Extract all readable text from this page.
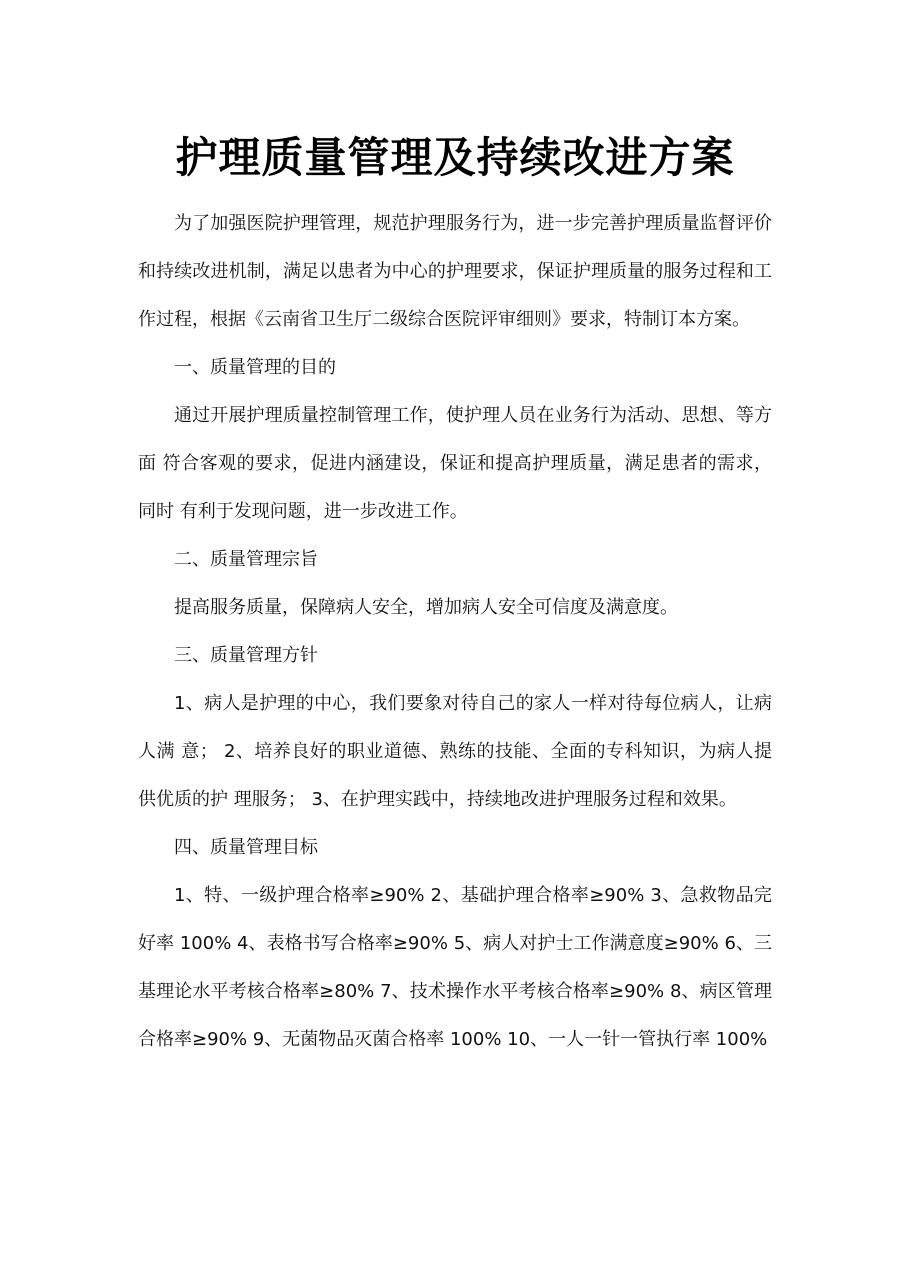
护理质量管理及持续改进方案

为了加强医院护理管理，规范护理服务行为，进一步完善护理质量监督评价 和持续改进机制，满足以患者为中心的护理要求，保证护理质量的服务过程和工 作过程，根据《云南省卫生厅二级综合医院评审细则》要求，特制订本方案。

一、质量管理的目的

通过开展护理质量控制管理工作，使护理人员在业务行为活动、思想、等方面 符合客观的要求，促进内涵建设，保证和提高护理质量，满足患者的需求，同时 有利于发现问题，进一步改进工作。

二、质量管理宗旨

提高服务质量，保障病人安全，增加病人安全可信度及满意度。

三、质量管理方针

1、病人是护理的中心，我们要象对待自己的家人一样对待每位病人，让病人满 意； 2、培养良好的职业道德、熟练的技能、全面的专科知识，为病人提供优质的护 理服务； 3、在护理实践中，持续地改进护理服务过程和效果。

四、质量管理目标

1、特、一级护理合格率≥90% 2、基础护理合格率≥90% 3、急救物品完好率 100% 4、表格书写合格率≥90% 5、病人对护士工作满意度≥90% 6、三基理论水平考核合格率≥80% 7、技术操作水平考核合格率≥90% 8、病区管理合格率≥90% 9、无菌物品灭菌合格率 100% 10、一人一针一管执行率 100%
